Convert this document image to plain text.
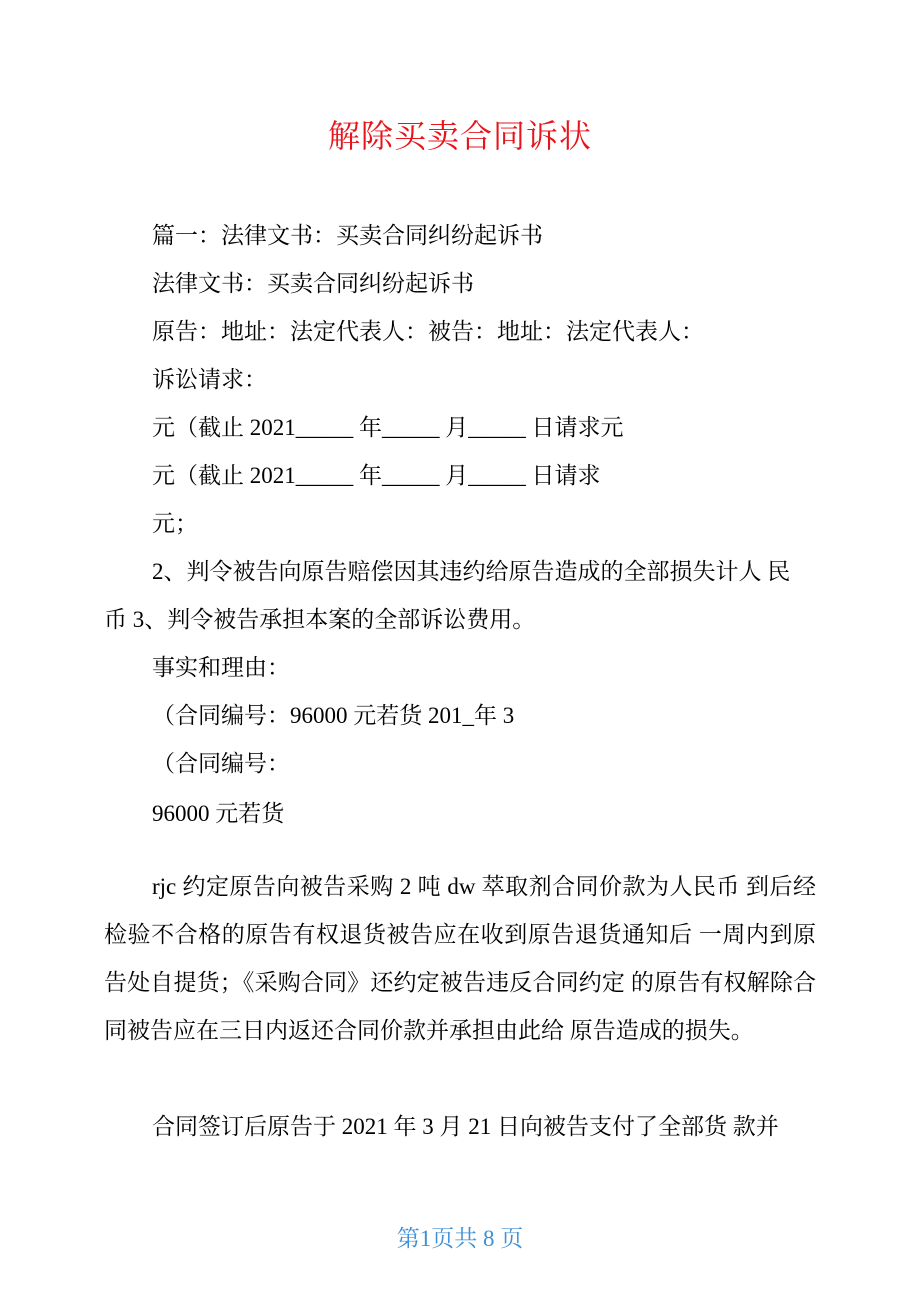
解除买卖合同诉状
篇一：法律文书：买卖合同纠纷起诉书
法律文书：买卖合同纠纷起诉书
原告：地址：法定代表人：被告：地址：法定代表人：
诉讼请求：
元（截止 2021_____ 年_____ 月_____ 日请求元
元（截止 2021_____ 年_____ 月_____ 日请求
元；
2、判令被告向原告赔偿因其违约给原告造成的全部损失计人 民
币 3、判令被告承担本案的全部诉讼费用。
事实和理由：
（合同编号：96000 元若货 201_年 3
（合同编号：
96000 元若货
rjc 约定原告向被告采购 2 吨 dw 萃取剂合同价款为人民币 到后经检验不合格的原告有权退货被告应在收到原告退货通知后 一周内到原告处自提货；《采购合同》还约定被告违反合同约定 的原告有权解除合同被告应在三日内返还合同价款并承担由此给 原告造成的损失。
合同签订后原告于 2021 年 3 月 21 日向被告支付了全部货 款并
第1页共 8 页
